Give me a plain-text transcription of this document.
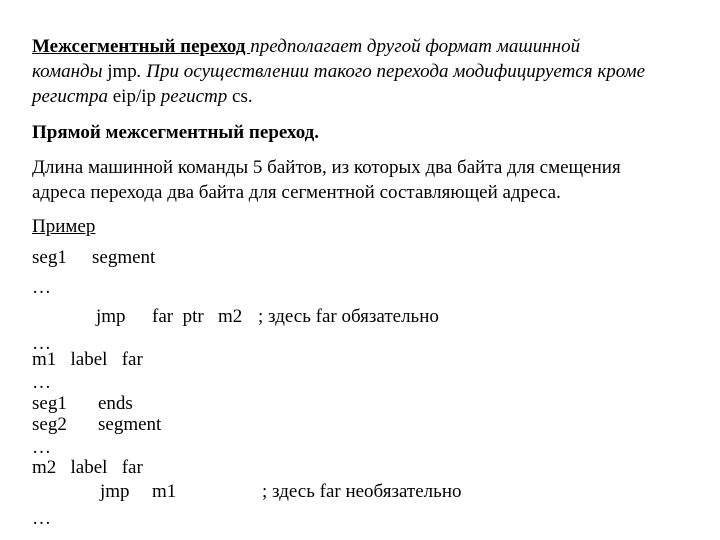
Межсегментный переход предполагает другой формат машинной
команды jmp. При осуществлении такого перехода модифицируется кроме
регистра eip/ip регистр cs.
Прямой межсегментный переход.
Длина машинной команды 5 байтов, из которых два байта для смещения
адреса перехода два байта для сегментной составляющей адреса.
Пример
seg1 segment
…
jmp far  ptr   m2 ; здесь far обязательно
…
m1   label   far
…
seg1 ends
seg2 segment
…
m2   label   far
jmp m1	; здесь far необязательно
…
